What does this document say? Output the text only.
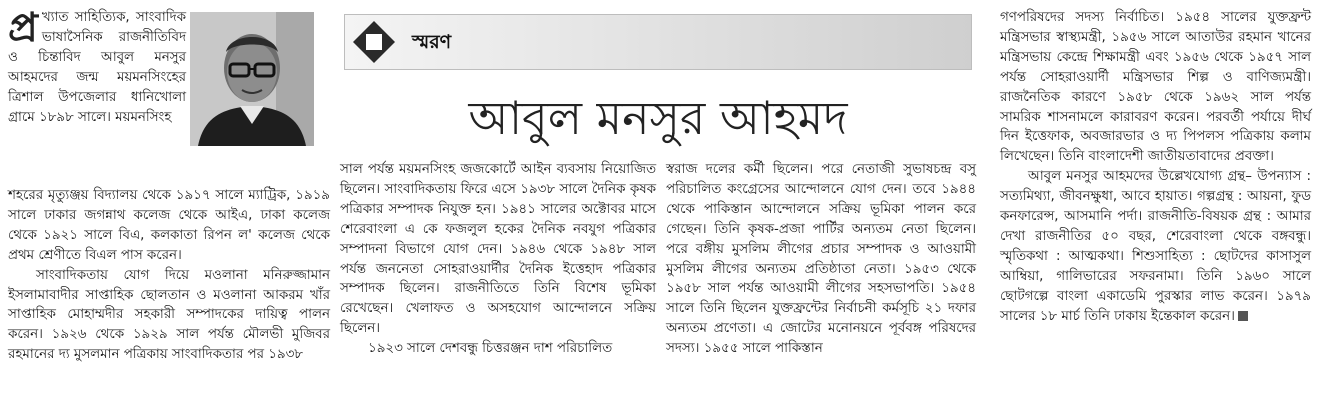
প্র খ্যাত সাহিত্যিক, সাংবাদিক ভাষাসৈনিক রাজনীতিবিদ ও চিন্তাবিদ আবুল মনসুর আহমদের জন্ম ময়মনসিংহের ত্রিশাল উপজেলার ধানিখোলা গ্রামে ১৮৯৮ সালে। ময়মনসিংহ

শহরের মৃত্যুঞ্জয় বিদ্যালয় থেকে ১৯১৭ সালে ম্যাট্রিক, ১৯১৯ সালে ঢাকার জগন্নাথ কলেজ থেকে আইএ, ঢাকা কলেজ থেকে ১৯২১ সালে বিএ, কলকাতা রিপন ল' কলেজ থেকে প্রথম শ্রেণীতে বিএল পাস করেন।

সাংবাদিকতায় যোগ দিয়ে মওলানা মনিরুজ্জামান ইসলামাবাদীর সাপ্তাহিক ছোলতান ও মওলানা আকরম খাঁর সাপ্তাহিক মোহাম্মদীর সহকারী সম্পাদকের দায়িত্ব পালন করেন। ১৯২৬ থেকে ১৯২৯ সাল পর্যন্ত মৌলভী মুজিবর রহমানের দ্য মুসলমান পত্রিকায় সাংবাদিকতার পর ১৯৩৮

স্মরণ
আবুল মনসুর আহমদ

সাল পর্যন্ত ময়মনসিংহ জজকোর্টে আইন ব্যবসায় নিয়োজিত ছিলেন। সাংবাদিকতায় ফিরে এসে ১৯৩৮ সালে দৈনিক কৃষক পত্রিকার সম্পাদক নিযুক্ত হন। ১৯৪১ সালের অক্টোবর মাসে শেরেবাংলা এ কে ফজলুল হকের দৈনিক নবযুগ পত্রিকার সম্পাদনা বিভাগে যোগ দেন। ১৯৪৬ থেকে ১৯৪৮ সাল পর্যন্ত জননেতা সোহরাওয়ার্দীর দৈনিক ইত্তেহাদ পত্রিকার সম্পাদক ছিলেন। রাজনীতিতে তিনি বিশেষ ভূমিকা রেখেছেন। খেলাফত ও অসহযোগ আন্দোলনে সক্রিয় ছিলেন।

১৯২৩ সালে দেশবন্ধু চিত্তরঞ্জন দাশ পরিচালিত

স্বরাজ দলের কর্মী ছিলেন। পরে নেতাজী সুভাষচন্দ্র বসু পরিচালিত কংগ্রেসের আন্দোলনে যোগ দেন। তবে ১৯৪৪ থেকে পাকিস্তান আন্দোলনে সক্রিয় ভূমিকা পালন করে গেছেন। তিনি কৃষক-প্রজা পার্টির অন্যতম নেতা ছিলেন। পরে বঙ্গীয় মুসলিম লীগের প্রচার সম্পাদক ও আওয়ামী মুসলিম লীগের অন্যতম প্রতিষ্ঠাতা নেতা। ১৯৫৩ থেকে ১৯৫৮ সাল পর্যন্ত আওয়ামী লীগের সহসভাপতি। ১৯৫৪ সালে তিনি ছিলেন যুক্তফ্রন্টের নির্বাচনী কর্মসূচি ২১ দফার অন্যতম প্রণেতা। এ জোটের মনোনয়নে পূর্ববঙ্গ পরিষদের সদস্য। ১৯৫৫ সালে পাকিস্তান

গণপরিষদের সদস্য নির্বাচিত। ১৯৫৪ সালের যুক্তফ্রন্ট মন্ত্রিসভার স্বাস্থ্যমন্ত্রী, ১৯৫৬ সালে আতাউর রহমান খানের মন্ত্রিসভায় কেন্দ্রে শিক্ষামন্ত্রী এবং ১৯৫৬ থেকে ১৯৫৭ সাল পর্যন্ত সোহরাওয়ার্দী মন্ত্রিসভার শিল্প ও বাণিজ্যমন্ত্রী। রাজনৈতিক কারণে ১৯৫৮ থেকে ১৯৬২ সাল পর্যন্ত সামরিক শাসনামলে কারাবরণ করেন। পরবর্তী পর্যায়ে দীর্ঘ দিন ইত্তেফাক, অবজারভার ও দ্য পিপলস পত্রিকায় কলাম লিখেছেন। তিনি বাংলাদেশী জাতীয়তাবাদের প্রবক্তা।

আবুল মনসুর আহমদের উল্লেখযোগ্য গ্রন্থ– উপন্যাস : সত্যমিথ্যা, জীবনক্ষুধা, আবে হায়াত। গল্পগ্রন্থ : আয়না, ফুড কনফারেন্স, আসমানি পর্দা। রাজনীতি-বিষয়ক গ্রন্থ : আমার দেখা রাজনীতির ৫০ বছর, শেরেবাংলা থেকে বঙ্গবন্ধু। স্মৃতিকথা : আত্মকথা। শিশুসাহিত্য : ছোটদের কাসাসুল আম্বিয়া, গালিভারের সফরনামা। তিনি ১৯৬০ সালে ছোটগল্পে বাংলা একাডেমি পুরস্কার লাভ করেন। ১৯৭৯ সালের ১৮ মার্চ তিনি ঢাকায় ইন্তেকাল করেন।
